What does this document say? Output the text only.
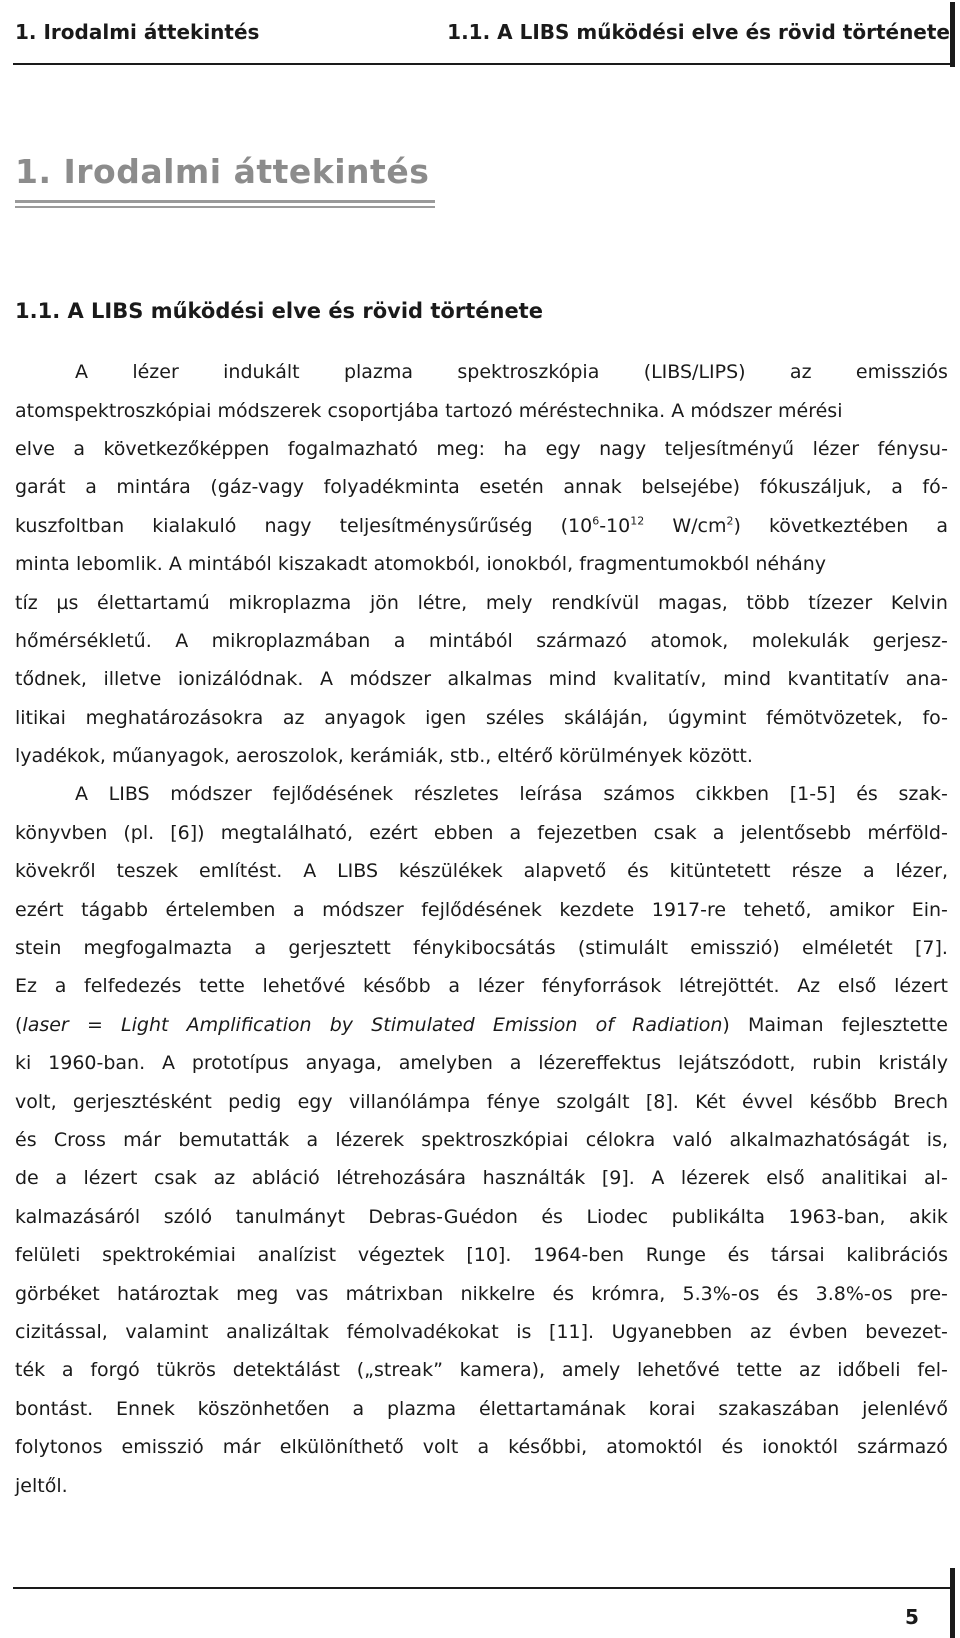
1. Irodalmi áttekintés	1.1. A LIBS működési elve és rövid története
1. Irodalmi áttekintés
1.1. A LIBS működési elve és rövid története
A lézer indukált plazma spektroszkópia (LIBS/LIPS) az emissziós
atomspektroszkópiai módszerek csoportjába tartozó méréstechnika. A módszer mérési
elve a következőképpen fogalmazható meg: ha egy nagy teljesítményű lézer fénysu-
garát a mintára (gáz-vagy folyadékminta esetén annak belsejébe) fókuszáljuk, a fó-
kuszfoltban kialakuló nagy teljesítménysűrűség ($10^6-10^{12}$ $W/cm^2$) következtében a
minta lebomlik. A mintából kiszakadt atomokból, ionokból, fragmentumokból néhány
tíz µs élettartamú mikroplazma jön létre, mely rendkívül magas, több tízezer Kelvin
hőmérsékletű. A mikroplazmában a mintából származó atomok, molekulák gerjesz-
tődnek, illetve ionizálódnak. A módszer alkalmas mind kvalitatív, mind kvantitatív ana-
litikai meghatározásokra az anyagok igen széles skáláján, úgymint fémötvözetek, fo-
lyadékok, műanyagok, aeroszolok, kerámiák, stb., eltérő körülmények között.
A LIBS módszer fejlődésének részletes leírása számos cikkben [1-5] és szak-
könyvben (pl. [6]) megtalálható, ezért ebben a fejezetben csak a jelentősebb mérföld-
kövekről teszek említést. A LIBS készülékek alapvető és kitüntetett része a lézer,
ezért tágabb értelemben a módszer fejlődésének kezdete 1917-re tehető, amikor Ein-
stein megfogalmazta a gerjesztett fénykibocsátás (stimulált emisszió) elméletét [7].
Ez a felfedezés tette lehetővé később a lézer fényforrások létrejöttét. Az első lézert
(laser = Light Amplification by Stimulated Emission of Radiation) Maiman fejlesztette
ki 1960-ban. A prototípus anyaga, amelyben a lézereffektus lejátszódott, rubin kristály
volt, gerjesztésként pedig egy villanólámpa fénye szolgált [8]. Két évvel később Brech
és Cross már bemutatták a lézerek spektroszkópiai célokra való alkalmazhatóságát is,
de a lézert csak az abláció létrehozására használták [9]. A lézerek első analitikai al-
kalmazásáról szóló tanulmányt Debras-Guédon és Liodec publikálta 1963-ban, akik
felületi spektrokémiai analízist végeztek [10]. 1964-ben Runge és társai kalibrációs
görbéket határoztak meg vas mátrixban nikkelre és krómra, 5.3%-os és 3.8%-os pre-
cizitással, valamint analizáltak fémolvadékokat is [11]. Ugyanebben az évben bevezet-
ték a forgó tükrös detektálást („streak” kamera), amely lehetővé tette az időbeli fel-
bontást. Ennek köszönhetően a plazma élettartamának korai szakaszában jelenlévő
folytonos emisszió már elkülöníthető volt a későbbi, atomoktól és ionoktól származó
jeltől.
5
